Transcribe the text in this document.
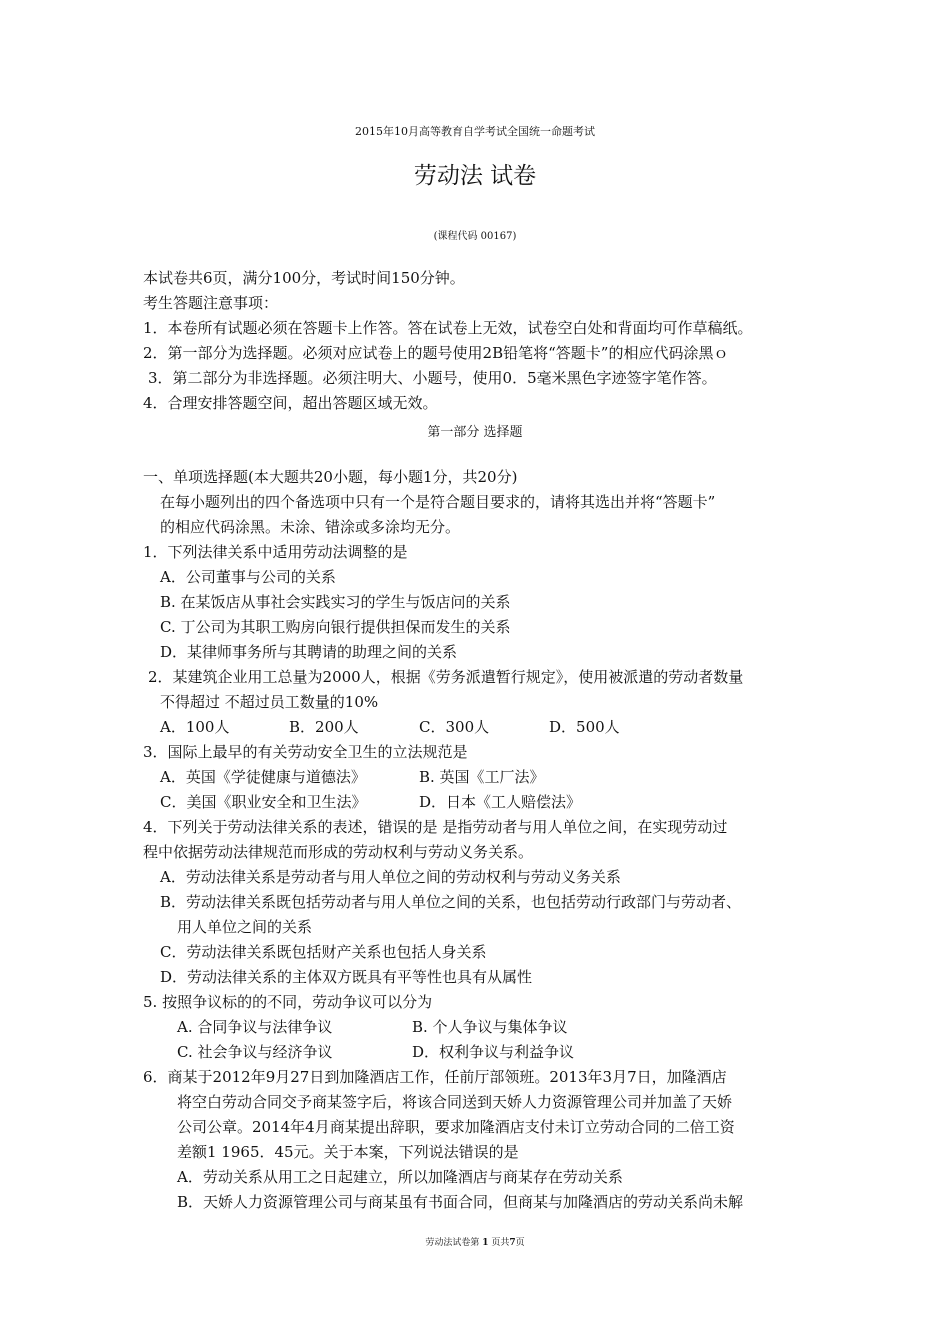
2015年10月高等教育自学考试全国统一命题考试
劳动法 试卷
(课程代码 00167)
本试卷共6页，满分100分，考试时间150分钟。
考生答题注意事项：
1．本卷所有试题必须在答题卡上作答。答在试卷上无效，试卷空白处和背面均可作草稿纸。
2．第一部分为选择题。必须对应试卷上的题号使用2B铅笔将“答题卡”的相应代码涂黑ｏ
3．第二部分为非选择题。必须注明大、小题号，使用0．5毫米黑色字迹签字笔作答。
4．合理安排答题空间，超出答题区域无效。
第一部分 选择题
一、单项选择题(本大题共20小题，每小题1分，共20分)
在每小题列出的四个备选项中只有一个是符合题目要求的，请将其选出并将“答题卡”
的相应代码涂黑。未涂、错涂或多涂均无分。
1．下列法律关系中适用劳动法调整的是
A．公司董事与公司的关系
B. 在某饭店从事社会实践实习的学生与饭店问的关系
C. 丁公司为其职工购房向银行提供担保而发生的关系
D．某律师事务所与其聘请的助理之间的关系
2．某建筑企业用工总量为2000人，根据《劳务派遣暂行规定》，使用被派遣的劳动者数量
不得超过 不超过员工数量的10%
A．100人	B．200人	C．300人	D．500人
3．国际上最早的有关劳动安全卫生的立法规范是
A．英国《学徒健康与道德法》	B. 英国《工厂法》
C．美国《职业安全和卫生法》	D．日本《工人赔偿法》
4．下列关于劳动法律关系的表述，错误的是 是指劳动者与用人单位之间，在实现劳动过
程中依据劳动法律规范而形成的劳动权利与劳动义务关系。
A．劳动法律关系是劳动者与用人单位之间的劳动权利与劳动义务关系
B．劳动法律关系既包括劳动者与用人单位之间的关系，也包括劳动行政部门与劳动者、
用人单位之间的关系
C．劳动法律关系既包括财产关系也包括人身关系
D．劳动法律关系的主体双方既具有平等性也具有从属性
5. 按照争议标的的不同，劳动争议可以分为
A. 合同争议与法律争议	B. 个人争议与集体争议
C. 社会争议与经济争议	D．权利争议与利益争议
6．商某于2012年9月27日到加隆酒店工作，任前厅部领班。2013年3月7日，加隆酒店
将空白劳动合同交予商某签字后，将该合同送到天娇人力资源管理公司并加盖了天娇
公司公章。2014年4月商某提出辞职，要求加隆酒店支付未订立劳动合同的二倍工资
差额1 1965．45元。关于本案，下列说法错误的是
A．劳动关系从用工之日起建立，所以加隆酒店与商某存在劳动关系
B．天娇人力资源管理公司与商某虽有书面合同，但商某与加隆酒店的劳动关系尚未解
劳动法试卷第 1 页共7页
